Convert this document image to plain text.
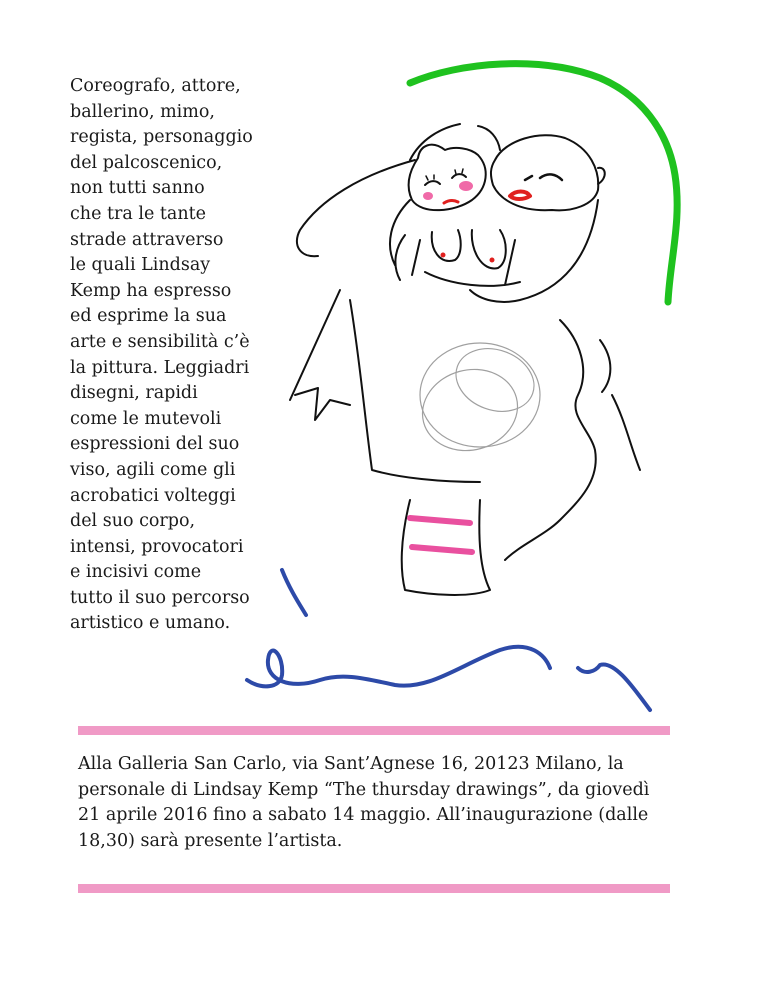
Coreografo, attore,
ballerino, mimo,
regista, personaggio
del palcoscenico,
non tutti sanno
che tra le tante
strade attraverso
le quali Lindsay
Kemp ha espresso
ed esprime la sua
arte e sensibilità c’è
la pittura. Leggiadri
disegni, rapidi
come le mutevoli
espressioni del suo
viso, agili come gli
acrobatici volteggi
del suo corpo,
intensi, provocatori
e incisivi come
tutto il suo percorso
artistico e umano.
Alla Galleria San Carlo, via Sant’Agnese 16, 20123 Milano, la
personale di Lindsay Kemp “The thursday drawings”, da giovedì
21 aprile 2016 fino a sabato 14 maggio. All’inaugurazione (dalle
18,30) sarà presente l’artista.
